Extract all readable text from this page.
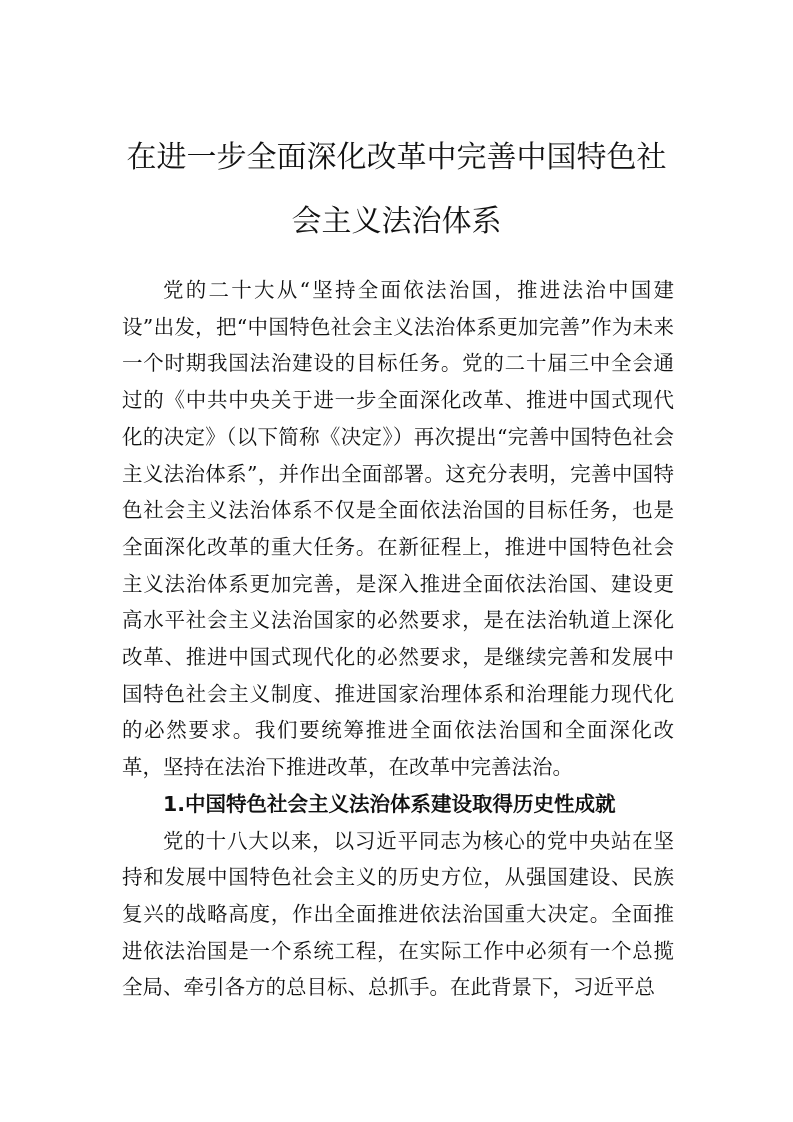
在进一步全面深化改革中完善中国特色社
会主义法治体系

党的二十大从“坚持全面依法治国，推进法治中国建设”出发，把“中国特色社会主义法治体系更加完善”作为未来一个时期我国法治建设的目标任务。党的二十届三中全会通过的《中共中央关于进一步全面深化改革、推进中国式现代化的决定》（以下简称《决定》）再次提出“完善中国特色社会主义法治体系”，并作出全面部署。这充分表明，完善中国特色社会主义法治体系不仅是全面依法治国的目标任务，也是全面深化改革的重大任务。在新征程上，推进中国特色社会主义法治体系更加完善，是深入推进全面依法治国、建设更高水平社会主义法治国家的必然要求，是在法治轨道上深化改革、推进中国式现代化的必然要求，是继续完善和发展中国特色社会主义制度、推进国家治理体系和治理能力现代化的必然要求。我们要统筹推进全面依法治国和全面深化改革，坚持在法治下推进改革，在改革中完善法治。

1.中国特色社会主义法治体系建设取得历史性成就

党的十八大以来，以习近平同志为核心的党中央站在坚持和发展中国特色社会主义的历史方位，从强国建设、民族复兴的战略高度，作出全面推进依法治国重大决定。全面推进依法治国是一个系统工程，在实际工作中必须有一个总揽全局、牵引各方的总目标、总抓手。在此背景下，习近平总
